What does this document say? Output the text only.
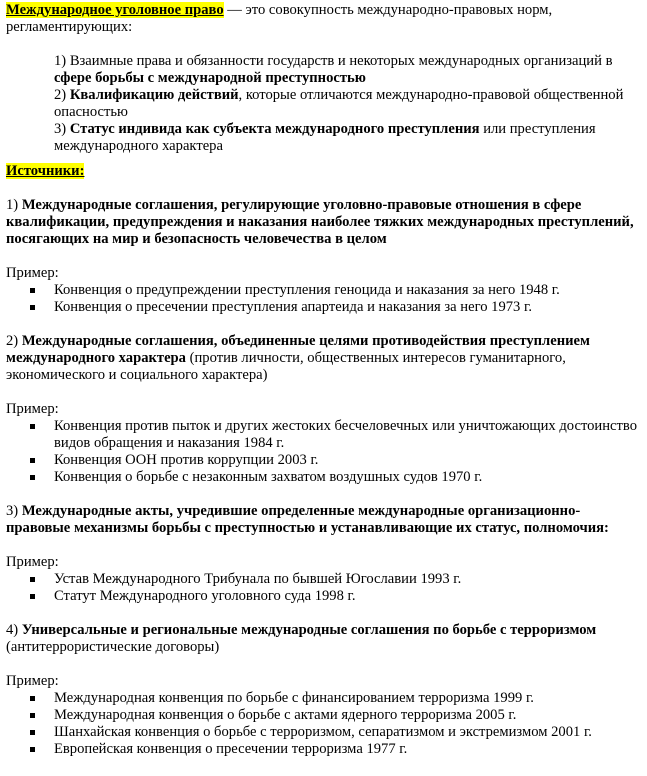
Международное уголовное право — это совокупность международно-правовых норм, регламентирующих:

1) Взаимные права и обязанности государств и некоторых международных организаций в сфере борьбы с международной преступностью

2) Квалификацию действий, которые отличаются международно-правовой общественной опасностью

3) Статус индивида как субъекта международного преступления или преступления международного характера

Источники:

1) Международные соглашения, регулирующие уголовно-правовые отношения в сфере квалификации, предупреждения и наказания наиболее тяжких международных преступлений, посягающих на мир и безопасность человечества в целом

Пример:

Конвенция о предупреждении преступления геноцида и наказания за него 1948 г.
Конвенция о пресечении преступления апартеида и наказания за него 1973 г.

2) Международные соглашения, объединенные целями противодействия преступлением международного характера (против личности, общественных интересов гуманитарного, экономического и социального характера)

Пример:

Конвенция против пыток и других жестоких бесчеловечных или уничтожающих достоинство видов обращения и наказания 1984 г.
Конвенция ООН против коррупции 2003 г.
Конвенция о борьбе с незаконным захватом воздушных судов 1970 г.

3) Международные акты, учредившие определенные международные организационно-правовые механизмы борьбы с преступностью и устанавливающие их статус, полномочия:

Пример:

Устав Международного Трибунала по бывшей Югославии 1993 г.
Статут Международного уголовного суда 1998 г.

4) Универсальные и региональные международные соглашения по борьбе с терроризмом (антитеррористические договоры)

Пример:

Международная конвенция по борьбе с финансированием терроризма 1999 г.
Международная конвенция о борьбе с актами ядерного терроризма 2005 г.
Шанхайская конвенция о борьбе с терроризмом, сепаратизмом и экстремизмом 2001 г.
Европейская конвенция о пресечении терроризма 1977 г.
